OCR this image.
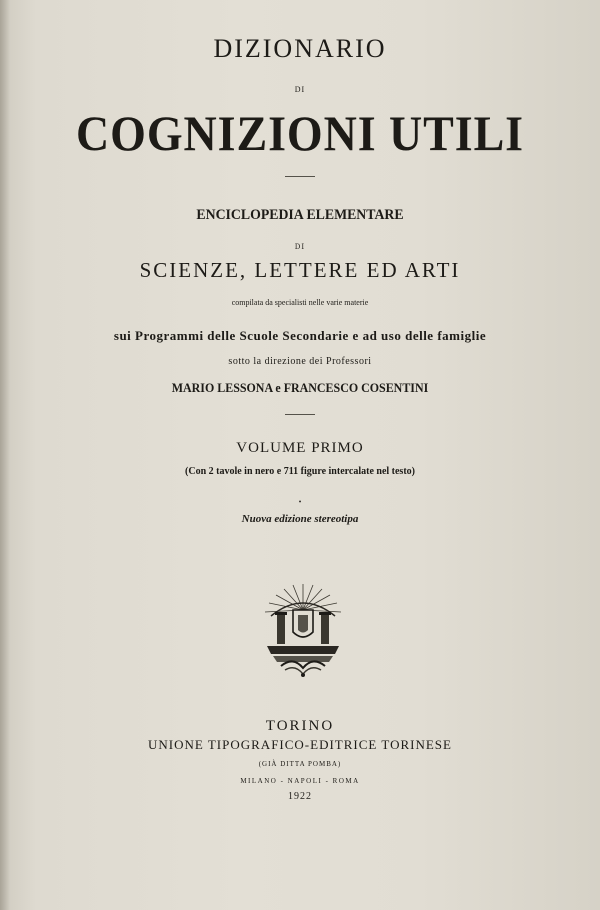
DIZIONARIO
DI
COGNIZIONI UTILI
ENCICLOPEDIA ELEMENTARE
DI
SCIENZE, LETTERE ED ARTI
compilata da specialisti nelle varie materie
sui Programmi delle Scuole Secondarie e ad uso delle famiglie
sotto la direzione dei Professori
MARIO LESSONA e FRANCESCO COSENTINI
VOLUME PRIMO
(Con 2 tavole in nero e 711 figure intercalate nel testo)
•
Nuova edizione stereotipa
TORINO
UNIONE TIPOGRAFICO-EDITRICE TORINESE
(GIÀ DITTA POMBA)
MILANO - NAPOLI - ROMA
1922
